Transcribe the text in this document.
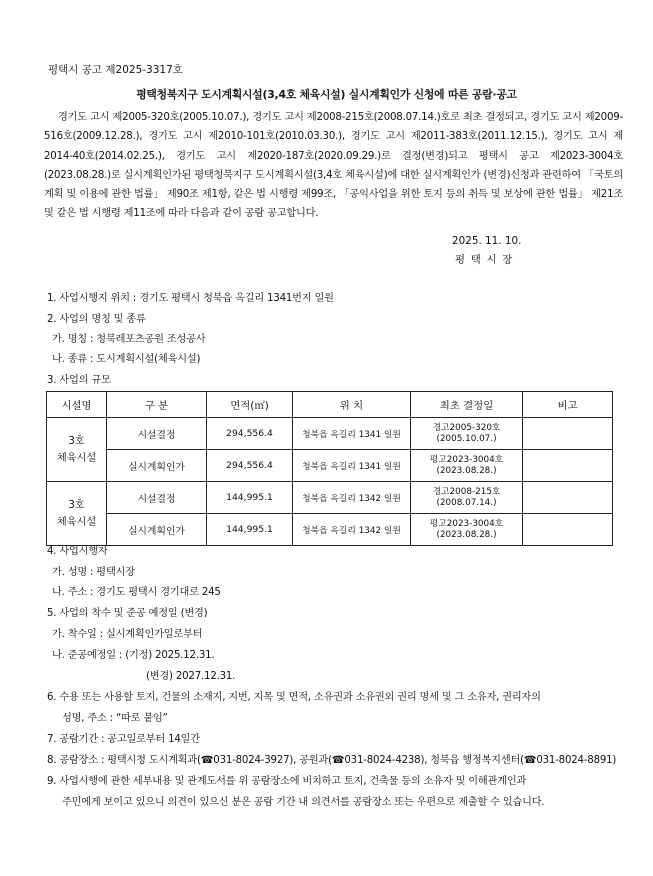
평택시 공고 제2025-3317호
평택청북지구 도시계획시설(3,4호 체육시설) 실시계획인가 신청에 따른 공람·공고

경기도 고시 제2005-320호(2005.10.07.), 경기도 고시 제2008-215호(2008.07.14.)호로 최초 결정되고, 경기도 고시 제2009-516호(2009.12.28.), 경기도 고시 제2010-101호(2010.03.30.), 경기도 고시 제2011-383호(2011.12.15.), 경기도 고시 제2014-40호(2014.02.25.), 경기도 고시 제2020-187호(2020.09.29.)로 결정(변경)되고 평택시 공고 제2023-3004호(2023.08.28.)로 실시계획인가된 평택청북지구 도시계획시설(3,4호 체육시설)에 대한 실시계획인가 (변경)신청과 관련하여 「국토의 계획 및 이용에 관한 법률」 제90조 제1항, 같은 법 시행령 제99조, 「공익사업을 위한 토지 등의 취득 및 보상에 관한 법률」 제21조 및 같은 법 시행령 제11조에 따라 다음과 같이 공람 공고합니다.

2025. 11. 10.
평 택 시 장
1. 사업시행지 위치 : 경기도 평택시 청북읍 옥길리 1341번지 일원
2. 사업의 명칭 및 종류
가. 명칭 : 청북레포츠공원 조성공사
나. 종류 : 도시계획시설(체육시설)
3. 사업의 규모
시설명	구 분	면적(㎡)	위 치	최초 결정일	비고
3호
체육시설	시설결정	294,556.4	청북읍 옥길리 1341 일원	경고2005-320호
(2005.10.07.)	
	실시계획인가	294,556.4	청북읍 옥길리 1341 일원	평고2023-3004호
(2023.08.28.)	
3호
체육시설	시설결정	144,995.1	청북읍 옥길리 1342 일원	경고2008-215호
(2008.07.14.)	
	실시계획인가	144,995.1	청북읍 옥길리 1342 일원	평고2023-3004호
(2023.08.28.)	
4. 사업시행자
가. 성명 : 평택시장
나. 주소 : 경기도 평택시 경기대로 245
5. 사업의 착수 및 준공 예정일 (변경)
가. 착수일 : 실시계획인가일로부터
나. 준공예정일 : (기정) 2025.12.31.
(변경) 2027.12.31.
6. 수용 또는 사용할 토지, 건물의 소재지, 지번, 지목 및 면적, 소유권과 소유권외 권리 명세 및 그 소유자, 권리자의
성명, 주소 : “따로 붙임”
7. 공람기간 : 공고일로부터 14일간
8. 공람장소 : 평택시청 도시계획과(☎031-8024-3927), 공원과(☎031-8024-4238), 청북읍 행정복지센터(☎031-8024-8891)
9. 사업시행에 관한 세부내용 및 관계도서를 위 공람장소에 비치하고 토지, 건축물 등의 소유자 및 이해관계인과
주민에게 보이고 있으니 의견이 있으신 분은 공람 기간 내 의견서를 공람장소 또는 우편으로 제출할 수 있습니다.
